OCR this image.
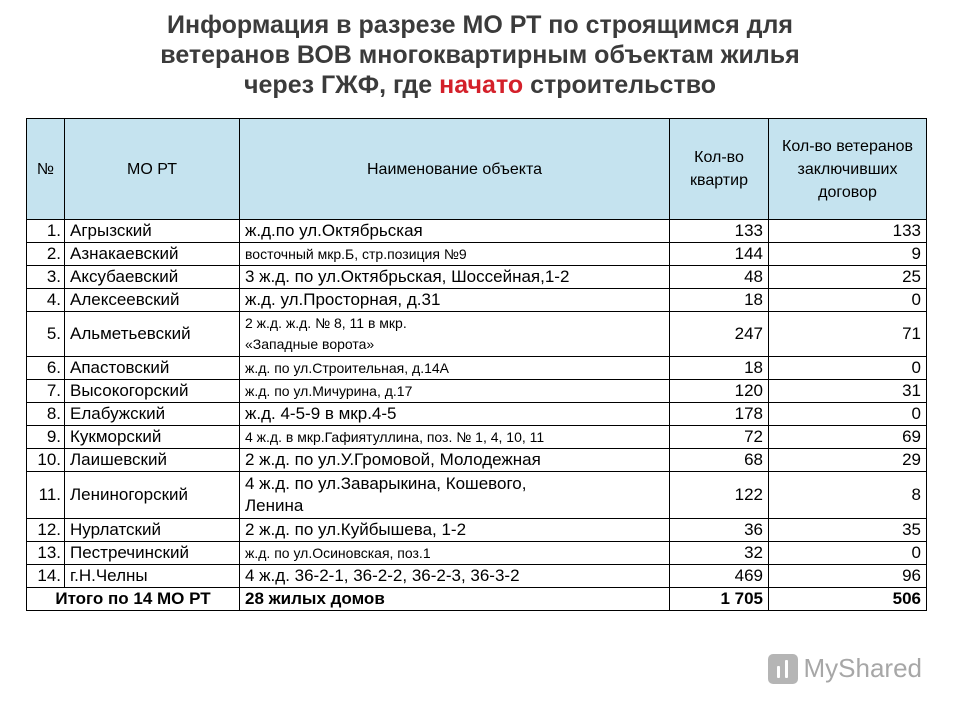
Информация в разрезе МО РТ по строящимся для
ветеранов ВОВ многоквартирным объектам жилья
через ГЖФ, где начато строительство
№	МО РТ	Наименование объекта	Кол-во квартир	Кол-во ветеранов заключивших договор
1.	Агрызский	ж.д.по ул.Октябрьская	133	133
2.	Азнакаевский	восточный мкр.Б, стр.позиция №9	144	9
3.	Аксубаевский	3 ж.д. по ул.Октябрьская, Шоссейная,1-2	48	25
4.	Алексеевский	ж.д. ул.Просторная, д.31	18	0
5.	Альметьевский	2 ж.д. ж.д. № 8, 11 в мкр. «Западные ворота»	247	71
6.	Апастовский	ж.д. по ул.Строительная, д.14А	18	0
7.	Высокогорский	ж.д. по ул.Мичурина, д.17	120	31
8.	Елабужский	ж.д. 4-5-9 в мкр.4-5	178	0
9.	Кукморский	4 ж.д. в мкр.Гафиятуллина, поз. № 1, 4, 10, 11	72	69
10.	Лаишевский	2 ж.д. по ул.У.Громовой, Молодежная	68	29
11.	Лениногорский	4 ж.д. по ул.Заварыкина, Кошевого, Ленина	122	8
12.	Нурлатский	2 ж.д. по ул.Куйбышева, 1-2	36	35
13.	Пестречинский	ж.д. по ул.Осиновская, поз.1	32	0
14.	г.Н.Челны	4 ж.д. 36-2-1, 36-2-2, 36-2-3, 36-3-2	469	96
Итого по 14 МО РТ		28 жилых домов	1 705	506
MyShared
